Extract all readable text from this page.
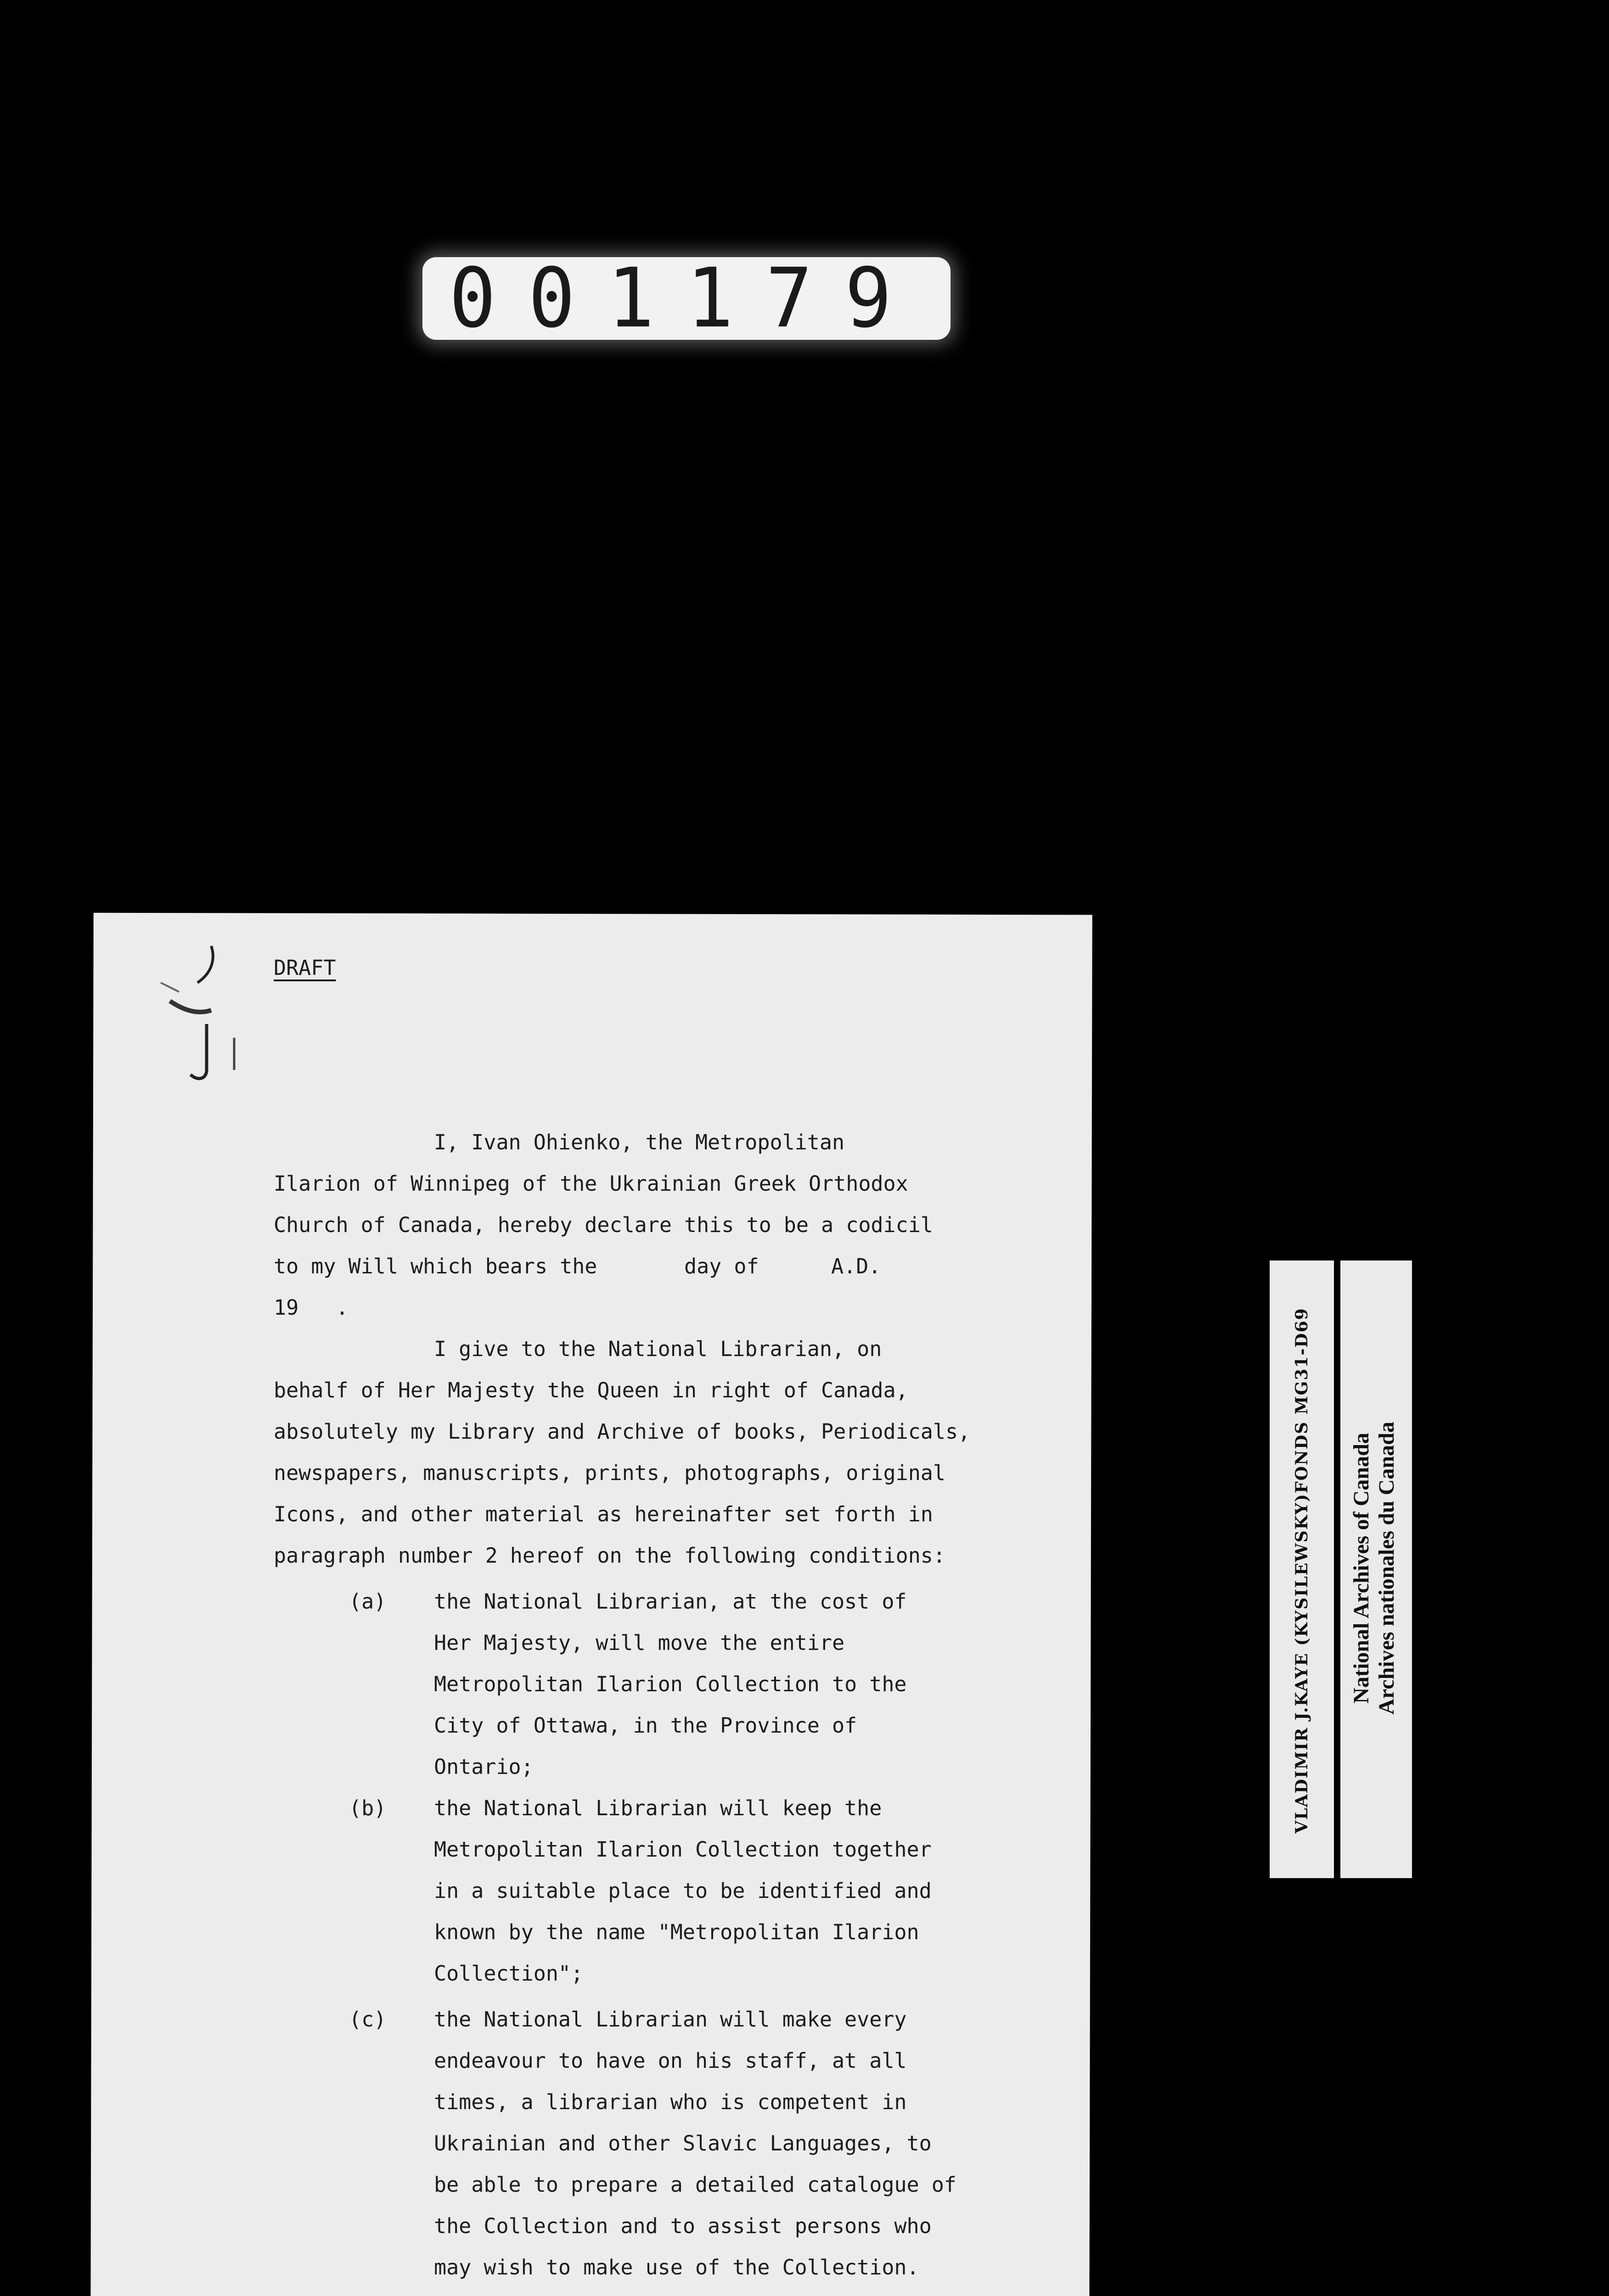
001179
DRAFT
I, Ivan Ohienko, the Metropolitan
Ilarion of Winnipeg of the Ukrainian Greek Orthodox
Church of Canada, hereby declare this to be a codicil
to my Will which bears the	day of	A.D.
19   .
I give to the National Librarian, on
behalf of Her Majesty the Queen in right of Canada,
absolutely my Library and Archive of books, Periodicals,
newspapers, manuscripts, prints, photographs, original
Icons, and other material as hereinafter set forth in
paragraph number 2 hereof on the following conditions:
(a) the National Librarian, at the cost of
Her Majesty, will move the entire
Metropolitan Ilarion Collection to the
City of Ottawa, in the Province of
Ontario;
(b) the National Librarian will keep the
Metropolitan Ilarion Collection together
in a suitable place to be identified and
known by the name "Metropolitan Ilarion
Collection";
(c) the National Librarian will make every
endeavour to have on his staff, at all
times, a librarian who is competent in
Ukrainian and other Slavic Languages, to
be able to prepare a detailed catalogue of
the Collection and to assist persons who
may wish to make use of the Collection.
VLADIMIR J.KAYE (KYSILEWSKY)FONDS MG31-D69 National Archives of Canada Archives nationales du Canada
